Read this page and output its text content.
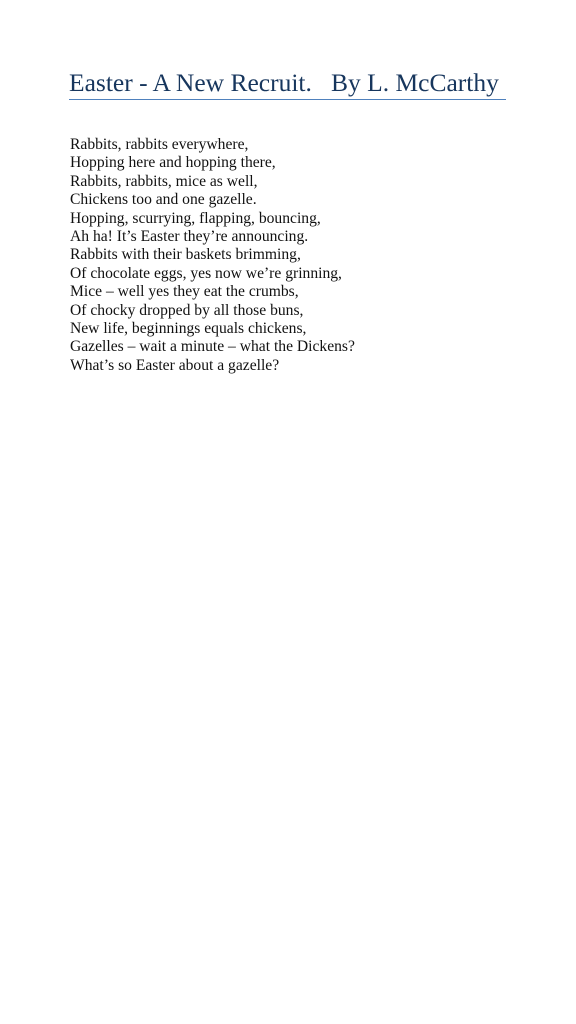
Easter - A New Recruit.   By L. McCarthy
Rabbits, rabbits everywhere,
Hopping here and hopping there,
Rabbits, rabbits, mice as well,
Chickens too and one gazelle.
Hopping, scurrying, flapping, bouncing,
Ah ha! It’s Easter they’re announcing.
Rabbits with their baskets brimming,
Of chocolate eggs, yes now we’re grinning,
Mice – well yes they eat the crumbs,
Of chocky dropped by all those buns,
New life, beginnings equals chickens,
Gazelles – wait a minute – what the Dickens?
What’s so Easter about a gazelle?
